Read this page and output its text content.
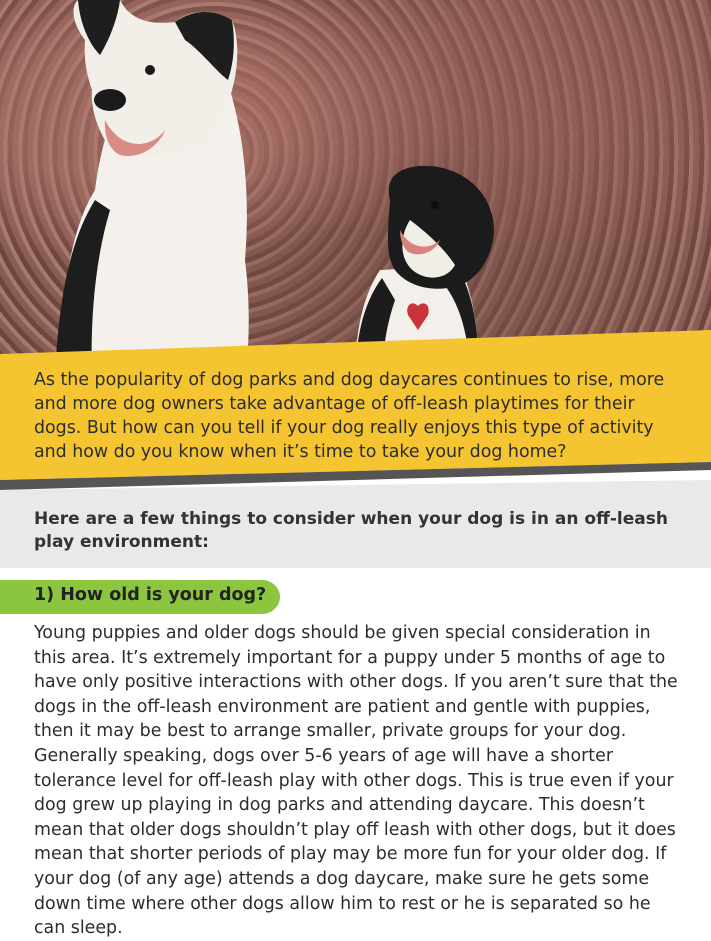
As the popularity of dog parks and dog daycares continues to rise, more and more dog owners take advantage of off-leash playtimes for their dogs. But how can you tell if your dog really enjoys this type of activity and how do you know when it’s time to take your dog home?
Here are a few things to consider when your dog is in an off-leash play environment:
1) How old is your dog?
Young puppies and older dogs should be given special consideration in this area. It’s extremely important for a puppy under 5 months of age to have only positive interactions with other dogs. If you aren’t sure that the dogs in the off-leash environment are patient and gentle with puppies, then it may be best to arrange smaller, private groups for your dog. Generally speaking, dogs over 5-6 years of age will have a shorter tolerance level for off-leash play with other dogs. This is true even if your dog grew up playing in dog parks and attending daycare. This doesn’t mean that older dogs shouldn’t play off leash with other dogs, but it does mean that shorter periods of play may be more fun for your older dog. If your dog (of any age) attends a dog daycare, make sure he gets some down time where other dogs allow him to rest or he is separated so he can sleep.
